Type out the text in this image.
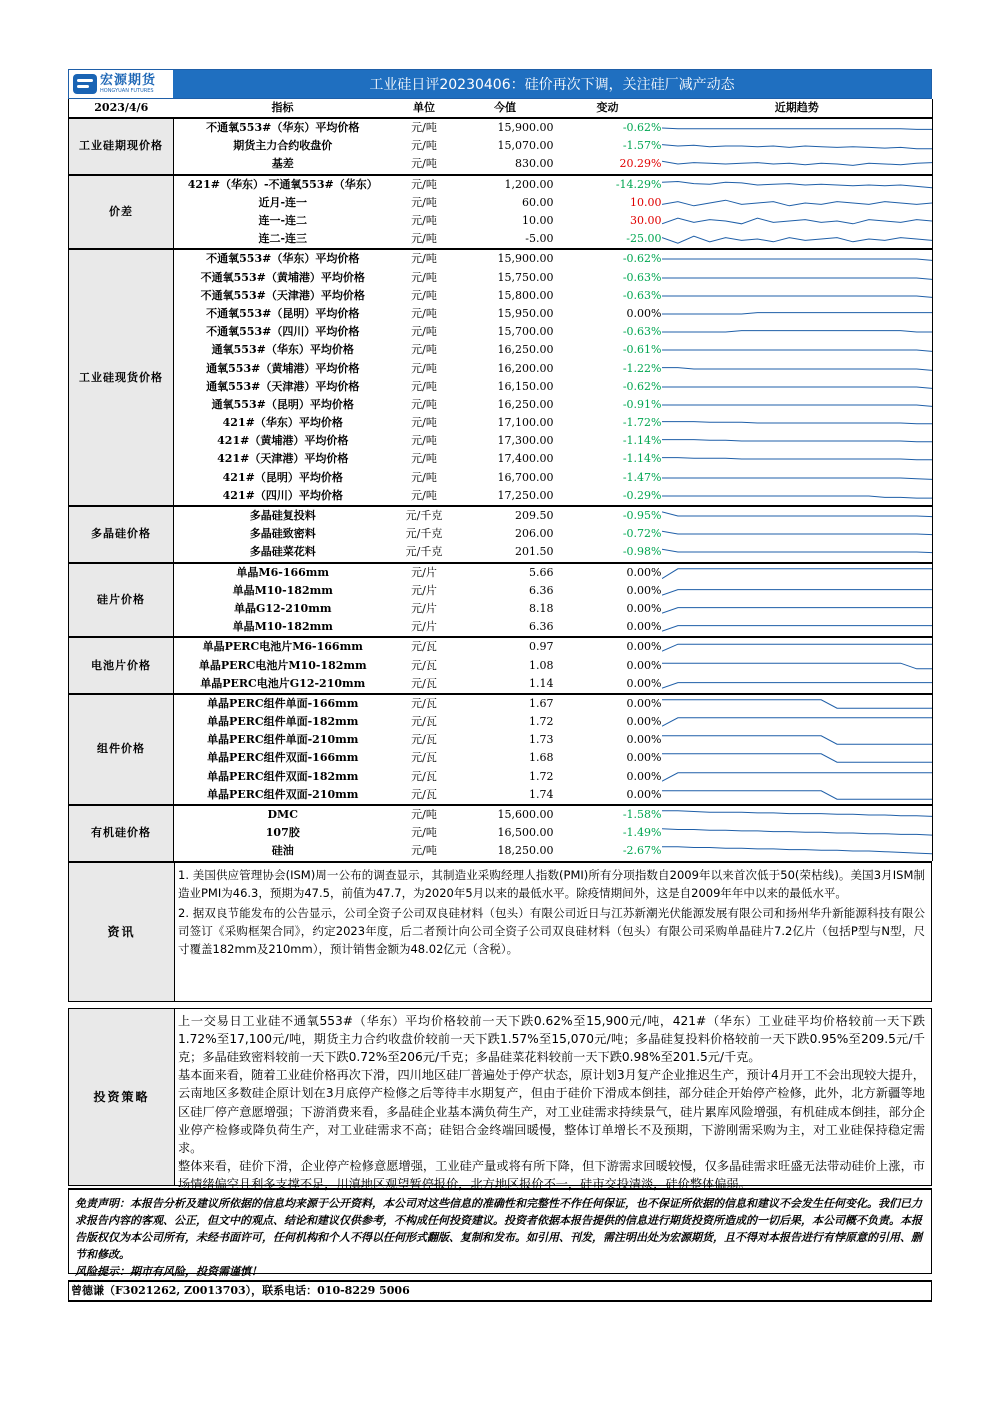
宏源期货
HONGYUAN FUTURES	工业硅日评20230406：硅价再次下调，关注硅厂减产动态
2023/4/6	指标	单位	今值	变动	近期趋势
工业硅期现价格	不通氧553#（华东）平均价格	元/吨	15,900.00	-0.62%	

	期货主力合约收盘价	元/吨	15,070.00	-1.57%	

	基差	元/吨	830.00	20.29%	

价差	421#（华东）-不通氧553#（华东）	元/吨	1,200.00	-14.29%	

	近月-连一	元/吨	60.00	10.00	

	连一-连二	元/吨	10.00	30.00	

	连二-连三	元/吨	-5.00	-25.00	

工业硅现货价格	不通氧553#（华东）平均价格	元/吨	15,900.00	-0.62%	

	不通氧553#（黄埔港）平均价格	元/吨	15,750.00	-0.63%	

	不通氧553#（天津港）平均价格	元/吨	15,800.00	-0.63%	

	不通氧553#（昆明）平均价格	元/吨	15,950.00	0.00%	

	不通氧553#（四川）平均价格	元/吨	15,700.00	-0.63%	

	通氧553#（华东）平均价格	元/吨	16,250.00	-0.61%	

	通氧553#（黄埔港）平均价格	元/吨	16,200.00	-1.22%	

	通氧553#（天津港）平均价格	元/吨	16,150.00	-0.62%	

	通氧553#（昆明）平均价格	元/吨	16,250.00	-0.91%	

	421#（华东）平均价格	元/吨	17,100.00	-1.72%	

	421#（黄埔港）平均价格	元/吨	17,300.00	-1.14%	

	421#（天津港）平均价格	元/吨	17,400.00	-1.14%	

	421#（昆明）平均价格	元/吨	16,700.00	-1.47%	

	421#（四川）平均价格	元/吨	17,250.00	-0.29%	

多晶硅价格	多晶硅复投料	元/千克	209.50	-0.95%	

	多晶硅致密料	元/千克	206.00	-0.72%	

	多晶硅菜花料	元/千克	201.50	-0.98%	

硅片价格	单晶M6-166mm	元/片	5.66	0.00%	

	单晶M10-182mm	元/片	6.36	0.00%	

	单晶G12-210mm	元/片	8.18	0.00%	

	单晶M10-182mm	元/片	6.36	0.00%	

电池片价格	单晶PERC电池片M6-166mm	元/瓦	0.97	0.00%	

	单晶PERC电池片M10-182mm	元/瓦	1.08	0.00%	

	单晶PERC电池片G12-210mm	元/瓦	1.14	0.00%	

组件价格	单晶PERC组件单面-166mm	元/瓦	1.67	0.00%	

	单晶PERC组件单面-182mm	元/瓦	1.72	0.00%	

	单晶PERC组件单面-210mm	元/瓦	1.73	0.00%	

	单晶PERC组件双面-166mm	元/瓦	1.68	0.00%	

	单晶PERC组件双面-182mm	元/瓦	1.72	0.00%	

	单晶PERC组件双面-210mm	元/瓦	1.74	0.00%	

有机硅价格	DMC	元/吨	15,600.00	-1.58%	

	107胶	元/吨	16,500.00	-1.49%	

	硅油	元/吨	18,250.00	-2.67%	
资讯

1. 美国供应管理协会(ISM)周一公布的调查显示，其制造业采购经理人指数(PMI)所有分项指数自2009年以来首次低于50(荣枯线)。美国3月ISM制造业PMI为46.3，预期为47.5，前值为47.7，为2020年5月以来的最低水平。除疫情期间外，这是自2009年年中以来的最低水平。

2. 据双良节能发布的公告显示，公司全资子公司双良硅材料（包头）有限公司近日与江苏新潮光伏能源发展有限公司和扬州华升新能源科技有限公司签订《采购框架合同》，约定2023年度，后二者预计向公司全资子公司双良硅材料（包头）有限公司采购单晶硅片7.2亿片（包括P型与N型，尺寸覆盖182mm及210mm），预计销售金额为48.02亿元（含税）。

投资策略

上一交易日工业硅不通氧553#（华东）平均价格较前一天下跌0.62%至15,900元/吨，421#（华东）工业硅平均价格较前一天下跌1.72%至17,100元/吨，期货主力合约收盘价较前一天下跌1.57%至15,070元/吨；多晶硅复投料价格较前一天下跌0.95%至209.5元/千克；多晶硅致密料较前一天下跌0.72%至206元/千克；多晶硅菜花料较前一天下跌0.98%至201.5元/千克。

基本面来看，随着工业硅价格再次下滑，四川地区硅厂普遍处于停产状态，原计划3月复产企业推迟生产，预计4月开工不会出现较大提升，云南地区多数硅企原计划在3月底停产检修之后等待丰水期复产，但由于硅价下滑成本倒挂，部分硅企开始停产检修，此外，北方新疆等地区硅厂停产意愿增强；下游消费来看，多晶硅企业基本满负荷生产，对工业硅需求持续景气，硅片累库风险增强，有机硅成本倒挂，部分企业停产检修或降负荷生产，对工业硅需求不高；硅铝合金终端回暖慢，整体订单增长不及预期，下游刚需采购为主，对工业硅保持稳定需求。

整体来看，硅价下滑，企业停产检修意愿增强，工业硅产量或将有所下降，但下游需求回暖较慢，仅多晶硅需求旺盛无法带动硅价上涨，市场情绪偏空且利多支撑不足，川滇地区观望暂停报价，北方地区报价不一，硅市交投清淡，硅价整体偏弱。

免责声明：本报告分析及建议所依据的信息均来源于公开资料，本公司对这些信息的准确性和完整性不作任何保证，也不保证所依据的信息和建议不会发生任何变化。我们已力求报告内容的客观、公正，但文中的观点、结论和建议仅供参考，不构成任何投资建议。投资者依据本报告提供的信息进行期货投资所造成的一切后果，本公司概不负责。本报告版权仅为本公司所有，未经书面许可，任何机构和个人不得以任何形式翻版、复制和发布。如引用、刊发，需注明出处为宏源期货，且不得对本报告进行有悖原意的引用、删节和修改。
风险提示：期市有风险，投资需谨慎！
曾德谦（F3021262, Z0013703），联系电话：010-8229 5006
